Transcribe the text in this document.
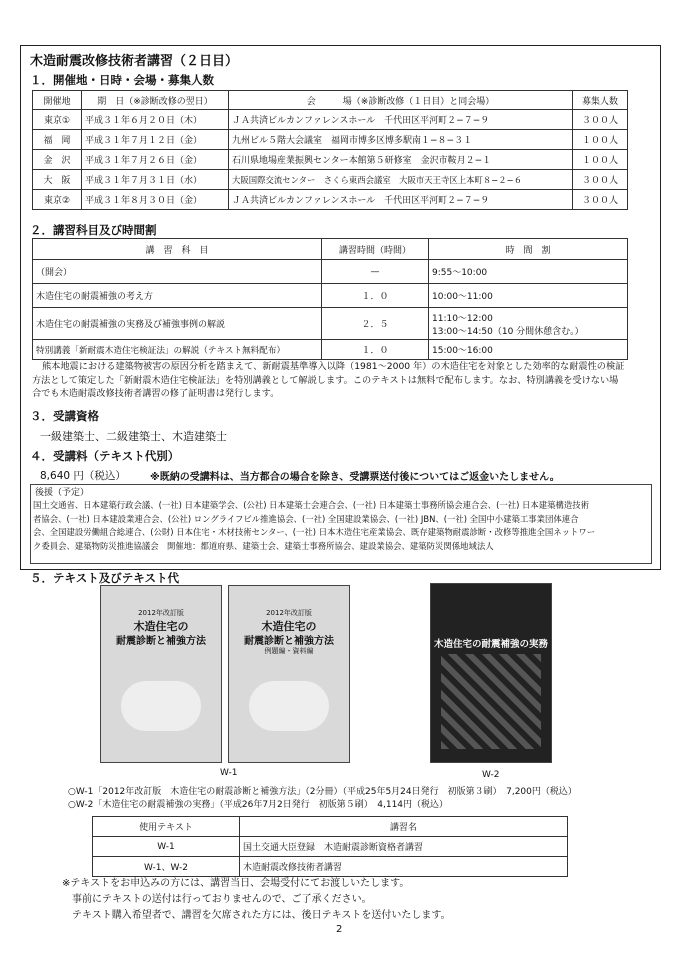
木造耐震改修技術者講習（２日目）
１．開催地・日時・会場・募集人数
開催地	期　日（※診断改修の翌日）	会　　　場（※診断改修（１日目）と同会場）	募集人数
東京①	平成３１年６月２０日（木）	ＪＡ共済ビルカンファレンスホール　千代田区平河町２−７−９	３００人
福　岡	平成３１年７月１２日（金）	九州ビル５階大会議室　福岡市博多区博多駅南１−８−３１	１００人
金　沢	平成３１年７月２６日（金）	石川県地場産業振興センター本館第５研修室　金沢市鞍月２−１	１００人
大　阪	平成３１年７月３１日（水）	大阪国際交流センター　さくら東西会議室　大阪市天王寺区上本町８−２−６	３００人
東京②	平成３１年８月３０日（金）	ＪＡ共済ビルカンファレンスホール　千代田区平河町２−７−９	３００人
２．講習科目及び時間割
講　習　科　目	講習時間（時間）	時　間　割
（開会）	—	9:55〜10:00
木造住宅の耐震補強の考え方	１．０	10:00〜11:00
木造住宅の耐震補強の実務及び補強事例の解説	２．５	11:10〜12:00
13:00〜14:50（10 分間休憩含む。）

特別講義「新耐震木造住宅検証法」の解説（テキスト無料配布）	１．０	15:00〜16:00
熊本地震における建築物被害の原因分析を踏まえて、新耐震基準導入以降（1981〜2000 年）の木造住宅を対象とした効率的な耐震性の検証
方法として策定した「新耐震木造住宅検証法」を特別講義として解説します。このテキストは無料で配布します。なお、特別講義を受けない場
合でも木造耐震改修技術者講習の修了証明書は発行します。
３．受講資格
一級建築士、二級建築士、木造建築士
４．受講料（テキスト代別）
8,640 円（税込） ※既納の受講料は、当方都合の場合を除き、受講票送付後についてはご返金いたしません。
後援（予定）
国土交通省、日本建築行政会議、(一社) 日本建築学会、(公社) 日本建築士会連合会、(一社) 日本建築士事務所協会連合会、(一社) 日本建築構造技術
者協会、(一社) 日本建設業連合会、(公社) ロングライフビル推進協会、(一社) 全国建設業協会、(一社) JBN、(一社) 全国中小建築工事業団体連合
会、全国建設労働組合総連合、(公財) 日本住宅・木材技術センター、(一社) 日本木造住宅産業協会、既存建築物耐震診断・改修等推進全国ネットワー
ク委員会、建築物防災推進協議会　開催地：都道府県、建築士会、建築士事務所協会、建設業協会、建築防災関係地域法人
５．テキスト及びテキスト代
2012年改訂版
木造住宅の
耐震診断と補強方法
2012年改訂版
木造住宅の
耐震診断と補強方法
例題編・資料編
W-1
木造住宅の耐震補強の実務
W-2
○W-1「2012年改訂版　木造住宅の耐震診断と補強方法」（2分冊）（平成25年5月24日発行　初版第３刷）　7,200円（税込）
○W-2「木造住宅の耐震補強の実務」（平成26年7月2日発行　初版第５刷）　4,114円（税込）
使用テキスト	講習名
W-1	国土交通大臣登録　木造耐震診断資格者講習
W-1、W-2	木造耐震改修技術者講習
※テキストをお申込みの方には、講習当日、会場受付にてお渡しいたします。
事前にテキストの送付は行っておりませんので、ご了承ください。
テキスト購入希望者で、講習を欠席された方には、後日テキストを送付いたします。
2
